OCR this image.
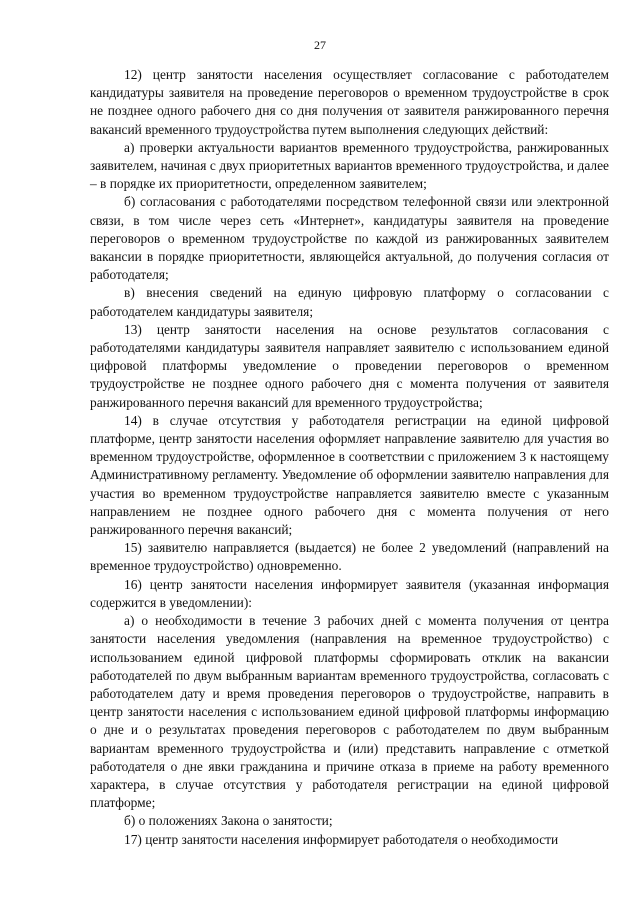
27

12) центр занятости населения осуществляет согласование с работодателем кандидатуры заявителя на проведение переговоров о временном трудоустройстве в срок не позднее одного рабочего дня со дня получения от заявителя ранжированного перечня вакансий временного трудоустройства путем выполнения следующих действий:

а) проверки актуальности вариантов временного трудоустройства, ранжированных заявителем, начиная с двух приоритетных вариантов временного трудоустройства, и далее – в порядке их приоритетности, определенном заявителем;

б) согласования с работодателями посредством телефонной связи или электронной связи, в том числе через сеть «Интернет», кандидатуры заявителя на проведение переговоров о временном трудоустройстве по каждой из ранжированных заявителем вакансии в порядке приоритетности, являющейся актуальной, до получения согласия от работодателя;

в) внесения сведений на единую цифровую платформу о согласовании с работодателем кандидатуры заявителя;

13) центр занятости населения на основе результатов согласования с работодателями кандидатуры заявителя направляет заявителю с использованием единой цифровой платформы уведомление о проведении переговоров о временном трудоустройстве не позднее одного рабочего дня с момента получения от заявителя ранжированного перечня вакансий для временного трудоустройства;

14) в случае отсутствия у работодателя регистрации на единой цифровой платформе, центр занятости населения оформляет направление заявителю для участия во временном трудоустройстве, оформленное в соответствии с приложением 3 к настоящему Административному регламенту. Уведомление об оформлении заявителю направления для участия во временном трудоустройстве направляется заявителю вместе с указанным направлением не позднее одного рабочего дня с момента получения от него ранжированного перечня вакансий;

15) заявителю направляется (выдается) не более 2 уведомлений (направлений на временное трудоустройство) одновременно.

16) центр занятости населения информирует заявителя (указанная информация содержится в уведомлении):

а) о необходимости в течение 3 рабочих дней с момента получения от центра занятости населения уведомления (направления на временное трудоустройство) с использованием единой цифровой платформы сформировать отклик на вакансии работодателей по двум выбранным вариантам временного трудоустройства, согласовать с работодателем дату и время проведения переговоров о трудоустройстве, направить в центр занятости населения с использованием единой цифровой платформы информацию о дне и о результатах проведения переговоров с работодателем по двум выбранным вариантам временного трудоустройства и (или) представить направление с отметкой работодателя о дне явки гражданина и причине отказа в приеме на работу временного характера, в случае отсутствия у работодателя регистрации на единой цифровой платформе;

б) о положениях Закона о занятости;

17) центр занятости населения информирует работодателя о необходимости
